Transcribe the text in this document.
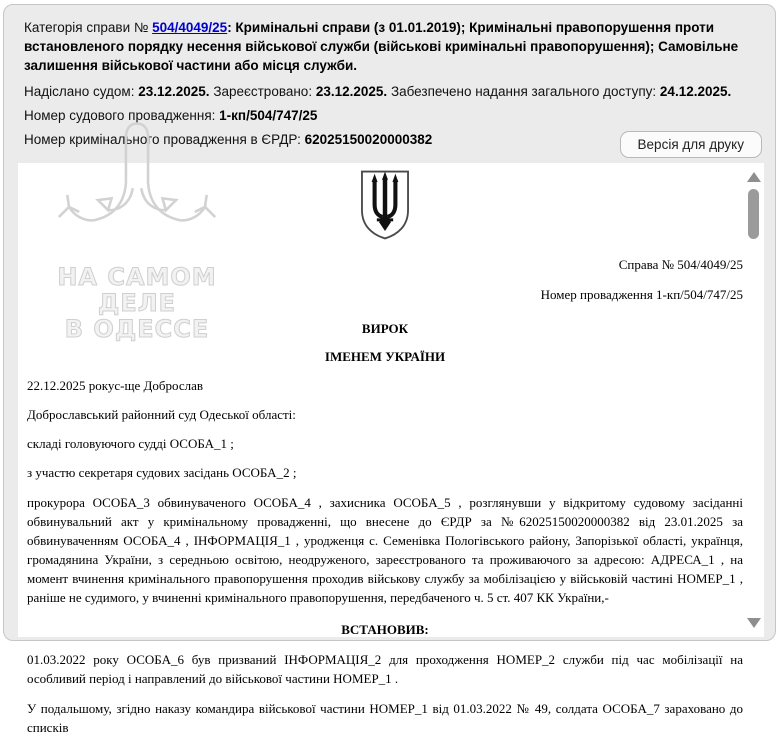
Категорія справи № 504/4049/25: Кримінальні справи (з 01.01.2019); Кримінальні правопорушення проти встановленого порядку несення військової служби (військові кримінальні правопорушення); Самовільне залишення військової частини або місця служби.
Надіслано судом: 23.12.2025. Зареєстровано: 23.12.2025. Забезпечено надання загального доступу: 24.12.2025.
Номер судового провадження: 1-кп/504/747/25
Номер кримінального провадження в ЄРДР: 62025150020000382	Версія для друку
Справа № 504/4049/25
Номер провадження 1-кп/504/747/25
ВИРОК
ІМЕНЕМ УКРАЇНИ

22.12.2025 рокус-ще Доброслав

Доброславський районний суд Одеської області:

складі головуючого судді ОСОБА_1 ;

з участю секретаря судових засідань ОСОБА_2 ;

прокурора ОСОБА_3 обвинуваченого ОСОБА_4 , захисника ОСОБА_5 , розглянувши у відкритому судовому засіданні обвинувальний акт у кримінальному провадженні, що внесене до ЄРДР за №62025150020000382 від 23.01.2025 за обвинуваченням ОСОБА_4 , ІНФОРМАЦІЯ_1 , уродженця с. Семенівка Пологівського району, Запорізької області, українця, громадянина України, з середньою освітою, неодруженого, зареєстрованого та проживаючого за адресою: АДРЕСА_1 , на момент вчинення кримінального правопорушення проходив військову службу за мобілізацією у військовій частині НОМЕР_1 , раніше не судимого, у вчиненні кримінального правопорушення, передбаченого ч. 5 ст. 407 КК України,-

ВСТАНОВИВ:

01.03.2022 року ОСОБА_6 був призваний ІНФОРМАЦІЯ_2 для проходження НОМЕР_2 служби під час мобілізації на особливий період і направлений до військової частини НОМЕР_1 .

У подальшому, згідно наказу командира військової частини НОМЕР_1 від 01.03.2022 № 49, солдата ОСОБА_7 зараховано до списків

НА САМОМ ДЕЛЕ
В ОДЕССЕ
